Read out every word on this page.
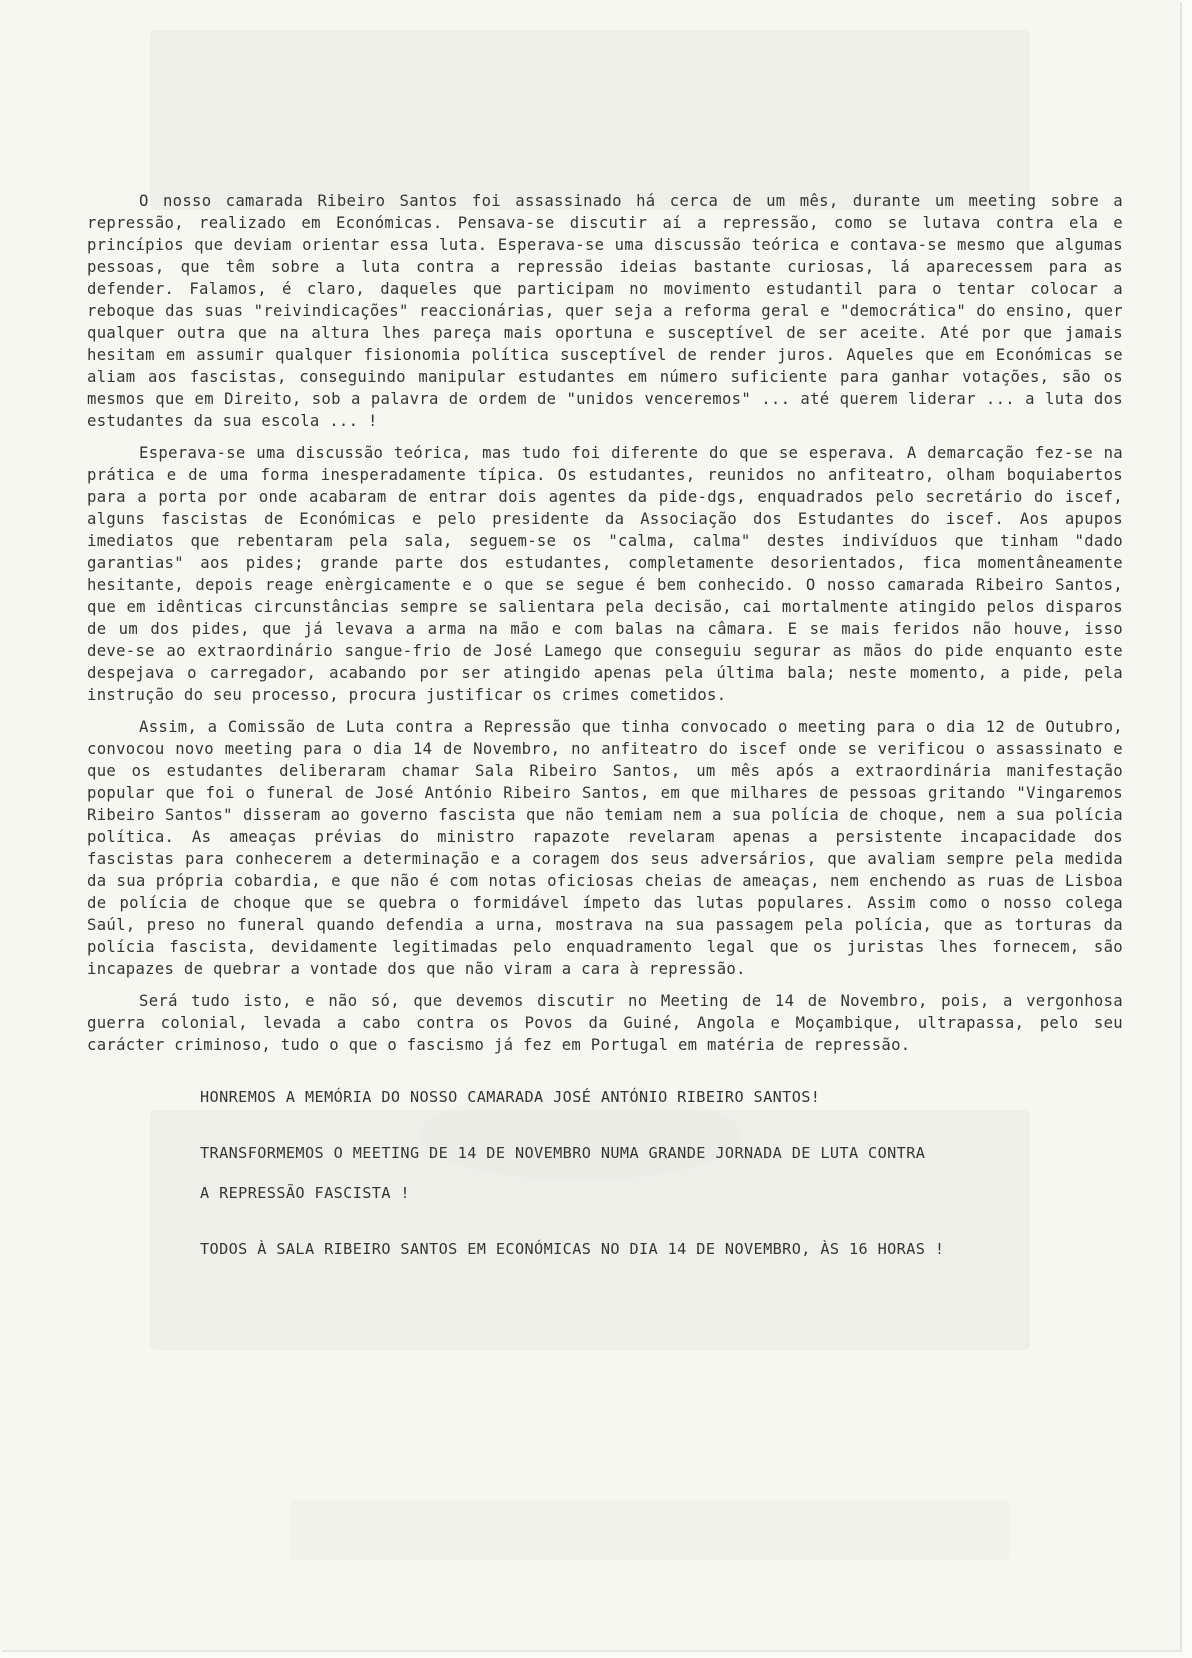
O nosso camarada Ribeiro Santos foi assassinado há cerca de um mês, durante um meeting sobre a repressão, realizado em Económicas. Pensava-se discutir aí a repressão, como se lutava contra ela e princípios que deviam orientar essa luta. Esperava-se uma discussão teórica e contava-se mesmo que algumas pessoas, que têm sobre a luta contra a repressão ideias bastante curiosas, lá aparecessem para as defender. Falamos, é claro, daqueles que participam no movimento estudantil para o tentar colocar a reboque das suas "reivindicações" reaccionárias, quer seja a reforma geral e "democrática" do ensino, quer qualquer outra que na altura lhes pareça mais oportuna e susceptível de ser aceite. Até por que jamais hesitam em assumir qualquer fisionomia política susceptível de render juros. Aqueles que em Económicas se aliam aos fascistas, conseguindo manipular estudantes em número suficiente para ganhar votações, são os mesmos que em Direito, sob a palavra de ordem de "unidos venceremos" ... até querem liderar ... a luta dos estudantes da sua escola ... !

Esperava-se uma discussão teórica, mas tudo foi diferente do que se esperava. A demarcação fez-se na prática e de uma forma inesperadamente típica. Os estudantes, reunidos no anfiteatro, olham boquiabertos para a porta por onde acabaram de entrar dois agentes da pide-dgs, enquadrados pelo secretário do iscef, alguns fascistas de Económicas e pelo presidente da Associação dos Estudantes do iscef. Aos apupos imediatos que rebentaram pela sala, seguem-se os "calma, calma" destes indivíduos que tinham "dado garantias" aos pides; grande parte dos estudantes, completamente desorientados, fica momentâneamente hesitante, depois reage enèrgicamente e o que se segue é bem conhecido. O nosso camarada Ribeiro Santos, que em idênticas circunstâncias sempre se salientara pela decisão, cai mortalmente atingido pelos disparos de um dos pides, que já levava a arma na mão e com balas na câmara. E se mais feridos não houve, isso deve-se ao extraordinário sangue-frio de José Lamego que conseguiu segurar as mãos do pide enquanto este despejava o carregador, acabando por ser atingido apenas pela última bala; neste momento, a pide, pela instrução do seu processo, procura justificar os crimes cometidos.

Assim, a Comissão de Luta contra a Repressão que tinha convocado o meeting para o dia 12 de Outubro, convocou novo meeting para o dia 14 de Novembro, no anfiteatro do iscef onde se verificou o assassinato e que os estudantes deliberaram chamar Sala Ribeiro Santos, um mês após a extraordinária manifestação popular que foi o funeral de José António Ribeiro Santos, em que milhares de pessoas gritando "Vingaremos Ribeiro Santos" disseram ao governo fascista que não temiam nem a sua polícia de choque, nem a sua polícia política. As ameaças prévias do ministro rapazote revelaram apenas a persistente incapacidade dos fascistas para conhecerem a determinação e a coragem dos seus adversários, que avaliam sempre pela medida da sua própria cobardia, e que não é com notas oficiosas cheias de ameaças, nem enchendo as ruas de Lisboa de polícia de choque que se quebra o formidável ímpeto das lutas populares. Assim como o nosso colega Saúl, preso no funeral quando defendia a urna, mostrava na sua passagem pela polícia, que as torturas da polícia fascista, devidamente legitimadas pelo enquadramento legal que os juristas lhes fornecem, são incapazes de quebrar a vontade dos que não viram a cara à repressão.

Será tudo isto, e não só, que devemos discutir no Meeting de 14 de Novembro, pois, a vergonhosa guerra colonial, levada a cabo contra os Povos da Guiné, Angola e Moçambique, ultrapassa, pelo seu carácter criminoso, tudo o que o fascismo já fez em Portugal em matéria de repressão.

HONREMOS A MEMÓRIA DO NOSSO CAMARADA JOSÉ ANTÓNIO RIBEIRO SANTOS!

TRANSFORMEMOS O MEETING DE 14 DE NOVEMBRO NUMA GRANDE JORNADA DE LUTA CONTRA

A REPRESSÃO FASCISTA !

TODOS À SALA RIBEIRO SANTOS EM ECONÓMICAS NO DIA 14 DE NOVEMBRO, ÀS 16 HORAS !
